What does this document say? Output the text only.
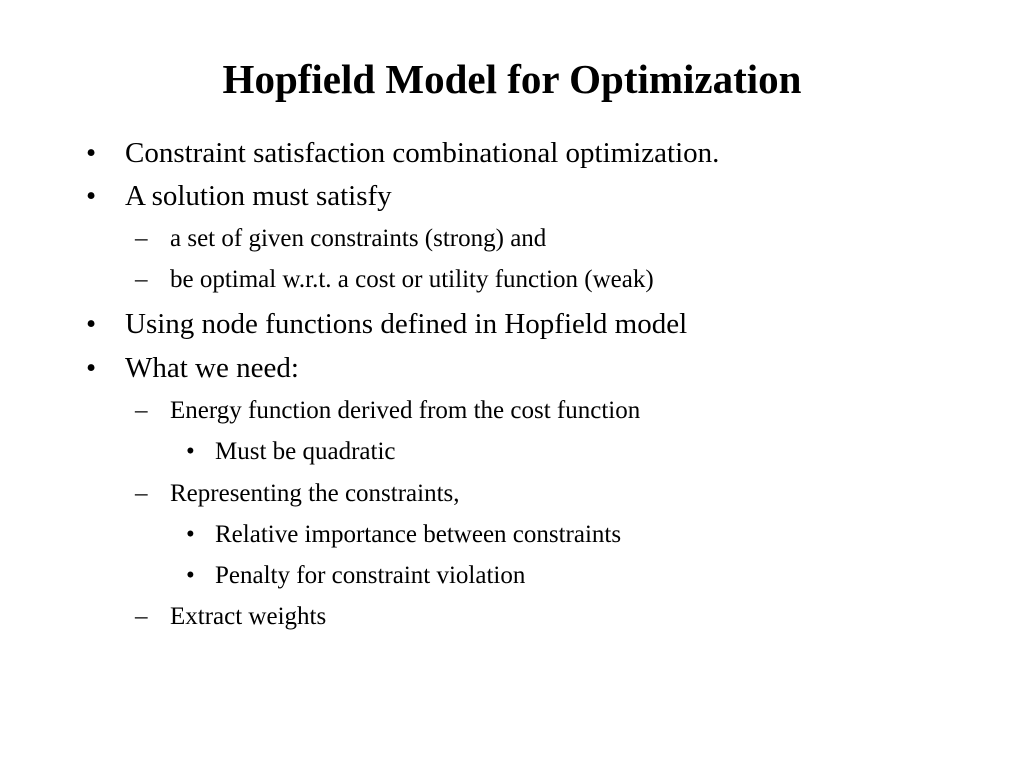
Hopfield Model for Optimization
• Constraint satisfaction combinational optimization.
• A solution must satisfy
– a set of given constraints (strong) and
– be optimal w.r.t. a cost or utility function (weak)
• Using node functions defined in Hopfield model
• What we need:
– Energy function derived from the cost function
• Must be quadratic
– Representing the constraints,
• Relative importance between constraints
• Penalty for constraint violation
– Extract weights
